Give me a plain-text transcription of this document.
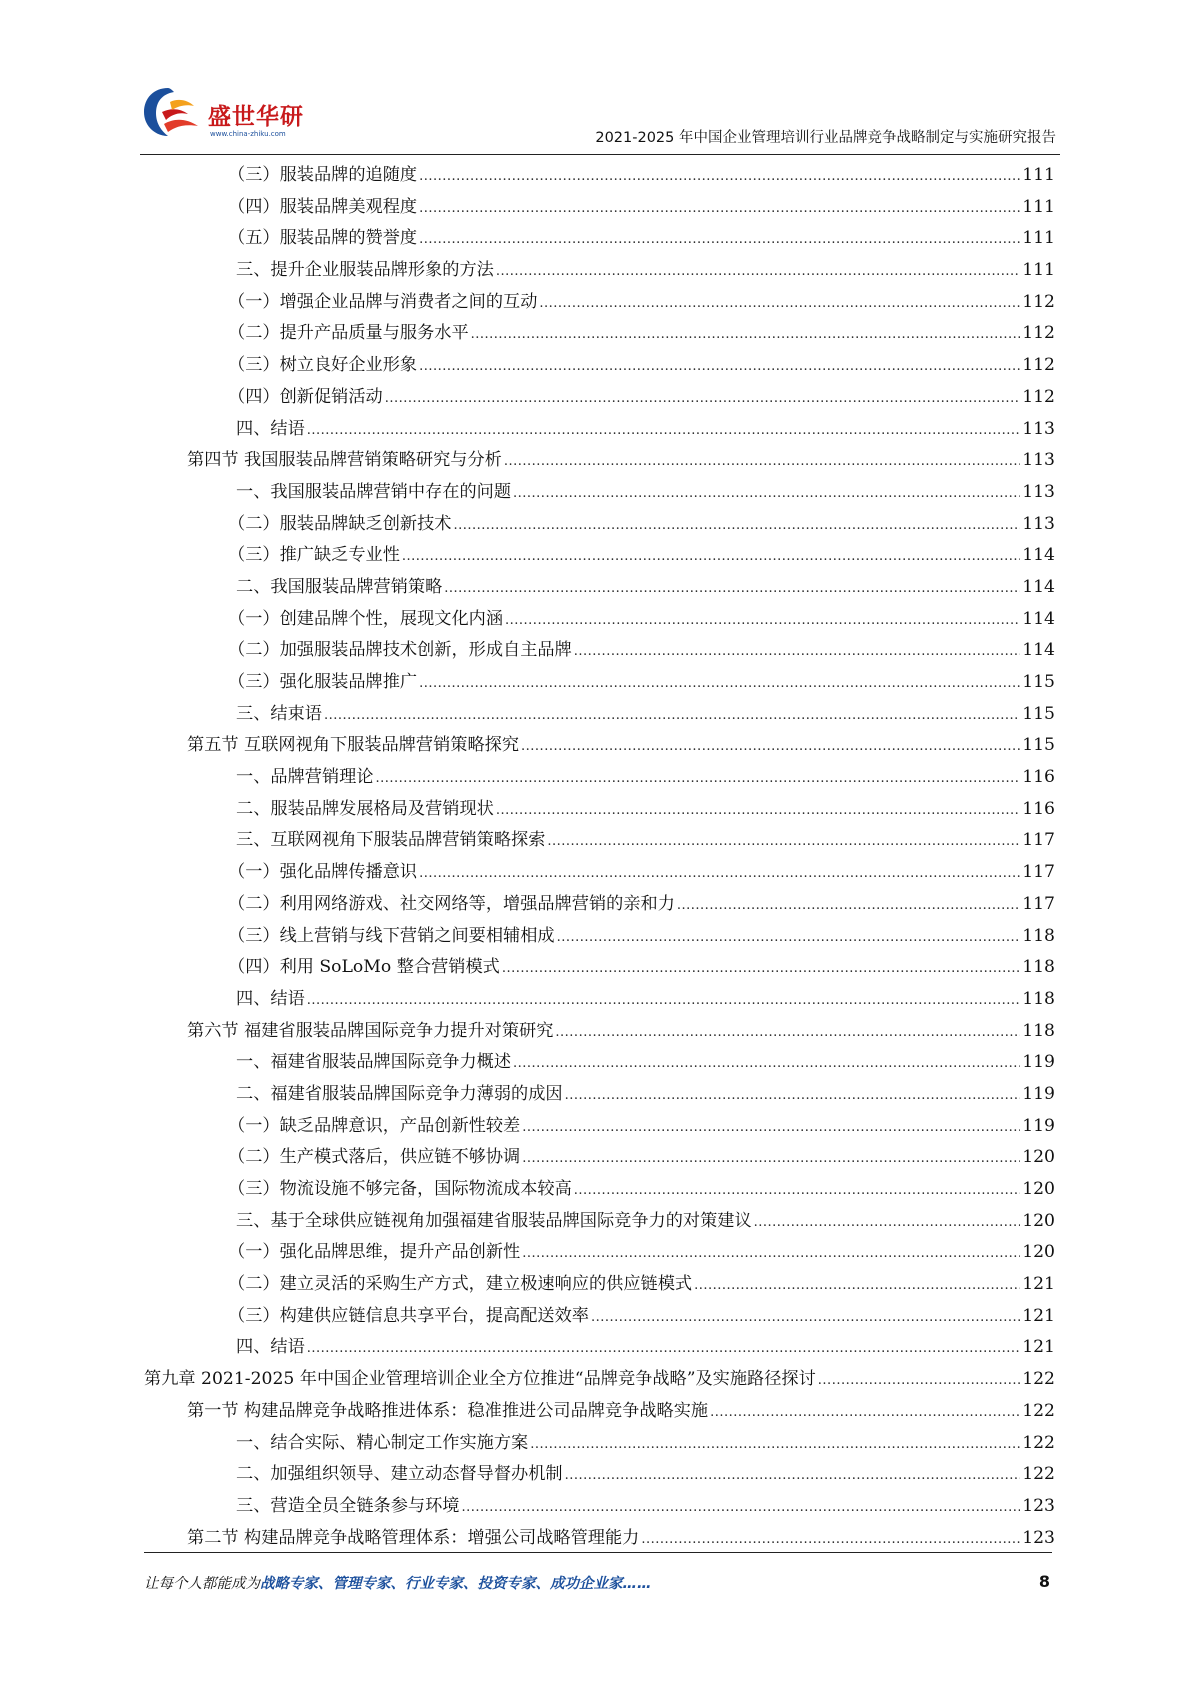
盛世华研
www.china-zhiku.com	2021-2025 年中国企业管理培训行业品牌竞争战略制定与实施研究报告
（三）服装品牌的追随度 .....	111
（四）服装品牌美观程度 .....	111
（五）服装品牌的赞誉度 .....	111
三、提升企业服装品牌形象的方法 .....	111
（一）增强企业品牌与消费者之间的互动 .....	112
（二）提升产品质量与服务水平 .....	112
（三）树立良好企业形象 .....	112
（四）创新促销活动 .....	112
四、结语 .....	113
第四节 我国服装品牌营销策略研究与分析 .....	113
一、我国服装品牌营销中存在的问题 .....	113
（二）服装品牌缺乏创新技术 .....	113
（三）推广缺乏专业性 .....	114
二、我国服装品牌营销策略 .....	114
（一）创建品牌个性，展现文化内涵 .....	114
（二）加强服装品牌技术创新，形成自主品牌 .....	114
（三）强化服装品牌推广 .....	115
三、结束语 .....	115
第五节 互联网视角下服装品牌营销策略探究 .....	115
一、品牌营销理论 .....	116
二、服装品牌发展格局及营销现状 .....	116
三、互联网视角下服装品牌营销策略探索 .....	117
（一）强化品牌传播意识 .....	117
（二）利用网络游戏、社交网络等，增强品牌营销的亲和力 .....	117
（三）线上营销与线下营销之间要相辅相成 .....	118
（四）利用 SoLoMo 整合营销模式 .....	118
四、结语 .....	118
第六节 福建省服装品牌国际竞争力提升对策研究 .....	118
一、福建省服装品牌国际竞争力概述 .....	119
二、福建省服装品牌国际竞争力薄弱的成因 .....	119
（一）缺乏品牌意识，产品创新性较差 .....	119
（二）生产模式落后，供应链不够协调 .....	120
（三）物流设施不够完备，国际物流成本较高 .....	120
三、基于全球供应链视角加强福建省服装品牌国际竞争力的对策建议 .....	120
（一）强化品牌思维，提升产品创新性 .....	120
（二）建立灵活的采购生产方式，建立极速响应的供应链模式 .....	121
（三）构建供应链信息共享平台，提高配送效率 .....	121
四、结语 .....	121
第九章 2021-2025 年中国企业管理培训企业全方位推进“品牌竞争战略”及实施路径探讨 .....	122
第一节 构建品牌竞争战略推进体系：稳准推进公司品牌竞争战略实施 .....	122
一、结合实际、精心制定工作实施方案 .....	122
二、加强组织领导、建立动态督导督办机制 .....	122
三、营造全员全链条参与环境 .....	123
第二节 构建品牌竞争战略管理体系：增强公司战略管理能力 .....	123
让每个人都能成为战略专家、管理专家、行业专家、投资专家、成功企业家……	8
